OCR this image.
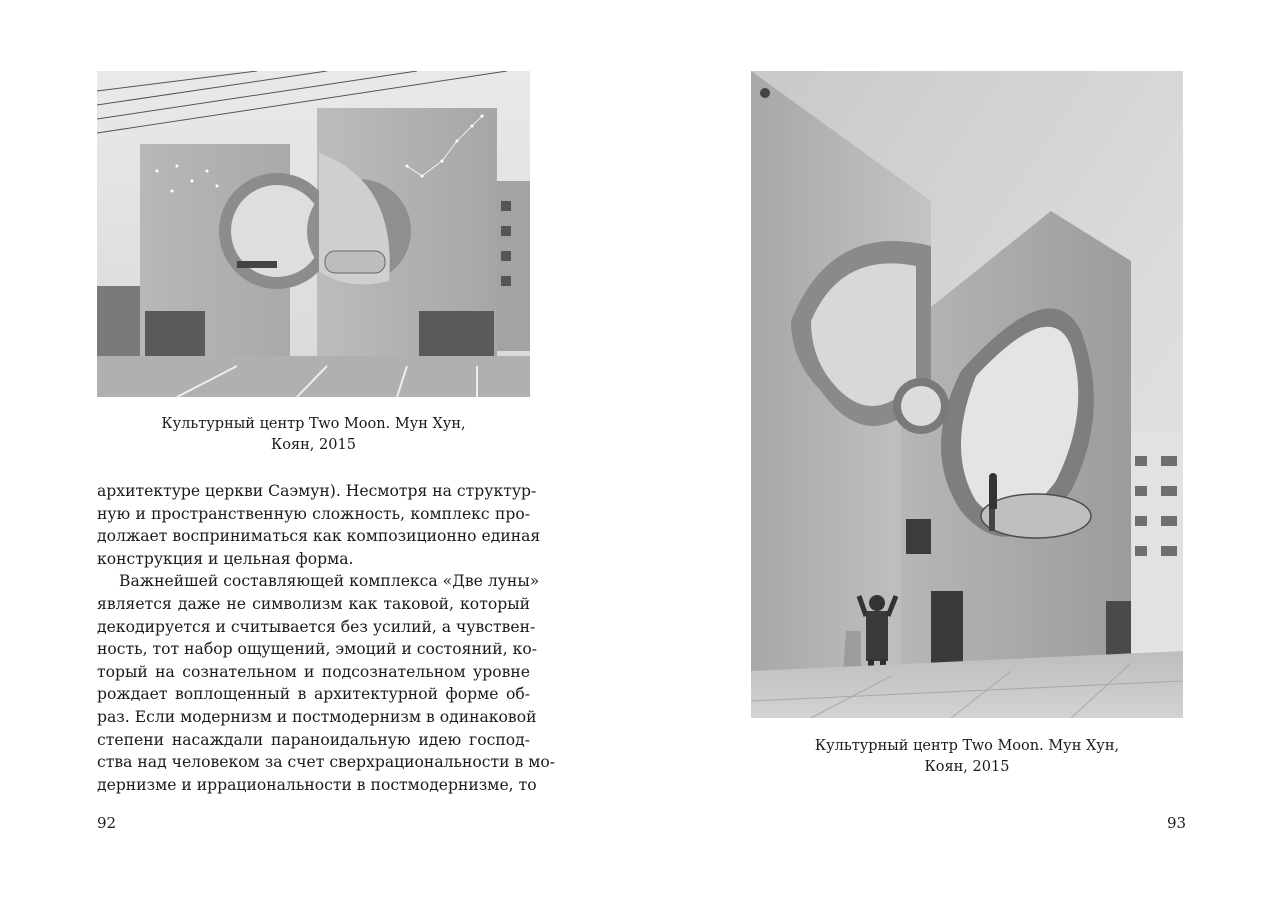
Культурный центр Two Moon. Мун Хун,
Коян, 2015
архитектуре церкви Саэмун). Несмотря на структур-
ную и пространственную сложность, комплекс про-
должает восприниматься как композиционно единая
конструкция и цельная форма.
Важнейшей составляющей комплекса «Две луны»
является даже не символизм как таковой, который
декодируется и считывается без усилий, а чувствен-
ность, тот набор ощущений, эмоций и состояний, ко-
торый на сознательном и подсознательном уровне
рождает воплощенный в архитектурной форме об-
раз. Если модернизм и постмодернизм в одинаковой
степени насаждали параноидальную идею господ-
ства над человеком за счет сверхрациональности в мо-
дернизме и иррациональности в постмодернизме, то
92
Культурный центр Two Moon. Мун Хун,
Коян, 2015
93
